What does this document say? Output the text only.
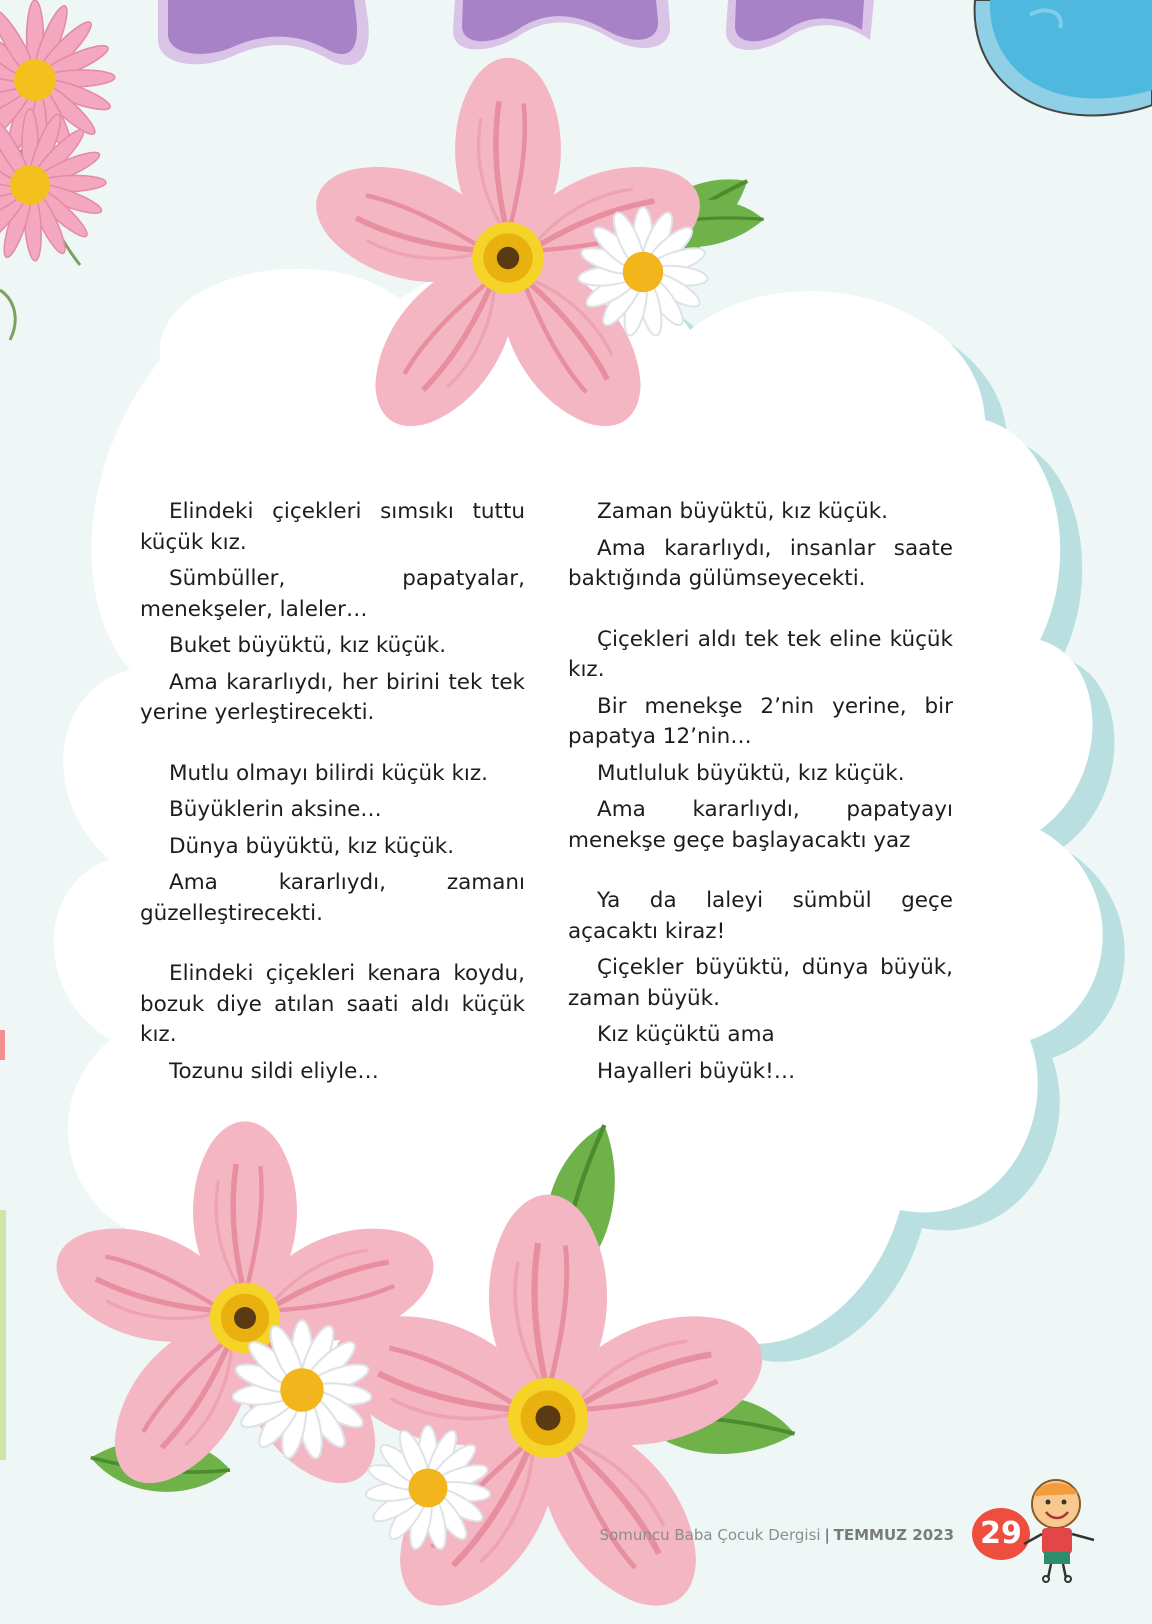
Elindeki çiçekleri sımsıkı tuttu küçük kız.

Sümbüller, papatyalar, menekşeler, laleler…

Buket büyüktü, kız küçük.

Ama kararlıydı, her birini tek tek yerine yerleştirecekti.

Mutlu olmayı bilirdi küçük kız.

Büyüklerin aksine…

Dünya büyüktü, kız küçük.

Ama kararlıydı, zamanı güzelleştirecekti.

Elindeki çiçekleri kenara koydu, bozuk diye atılan saati aldı küçük kız.

Tozunu sildi eliyle…

Zaman büyüktü, kız küçük.

Ama kararlıydı, insanlar saate baktığında gülümseyecekti.

Çiçekleri aldı tek tek eline küçük kız.

Bir menekşe 2’nin yerine, bir papatya 12’nin…

Mutluluk büyüktü, kız küçük.

Ama kararlıydı, papatyayı menekşe geçe başlayacaktı yaz

Ya da laleyi sümbül geçe açacaktı kiraz!

Çiçekler büyüktü, dünya büyük, zaman büyük.

Kız küçüktü ama

Hayalleri büyük!…

Somuncu Baba Çocuk Dergisi | TEMMUZ 2023 29
